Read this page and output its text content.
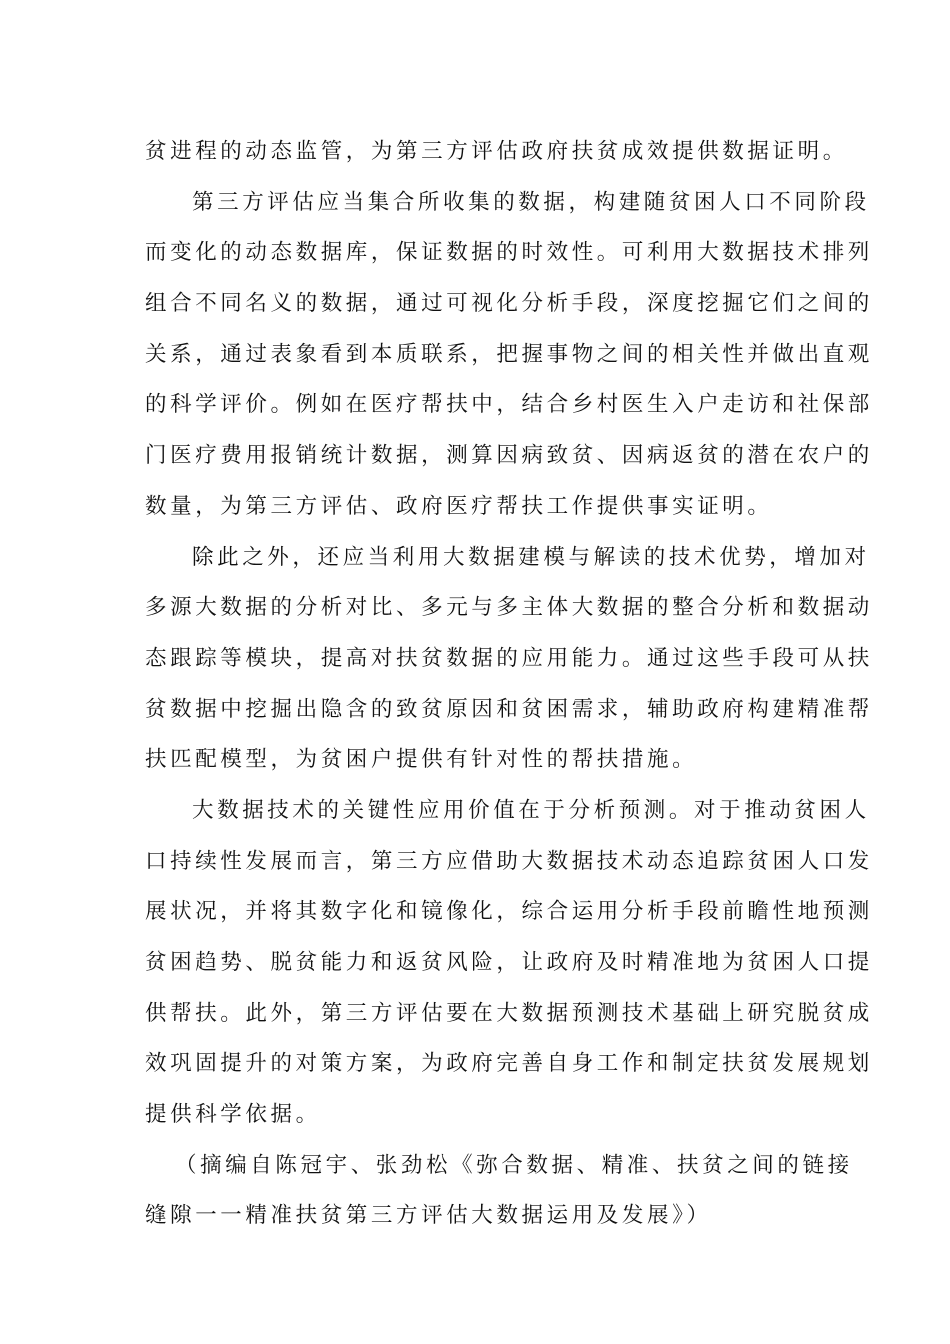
贫进程的动态监管，为第三方评估政府扶贫成效提供数据证明。
第三方评估应当集合所收集的数据，构建随贫困人口不同阶段
而变化的动态数据库，保证数据的时效性。可利用大数据技术排列
组合不同名义的数据，通过可视化分析手段，深度挖掘它们之间的
关系，通过表象看到本质联系，把握事物之间的相关性并做出直观
的科学评价。例如在医疗帮扶中，结合乡村医生入户走访和社保部
门医疗费用报销统计数据，测算因病致贫、因病返贫的潜在农户的
数量，为第三方评估、政府医疗帮扶工作提供事实证明。
除此之外，还应当利用大数据建模与解读的技术优势，增加对
多源大数据的分析对比、多元与多主体大数据的整合分析和数据动
态跟踪等模块，提高对扶贫数据的应用能力。通过这些手段可从扶
贫数据中挖掘出隐含的致贫原因和贫困需求，辅助政府构建精准帮
扶匹配模型，为贫困户提供有针对性的帮扶措施。
大数据技术的关键性应用价值在于分析预测。对于推动贫困人
口持续性发展而言，第三方应借助大数据技术动态追踪贫困人口发
展状况，并将其数字化和镜像化，综合运用分析手段前瞻性地预测
贫困趋势、脱贫能力和返贫风险，让政府及时精准地为贫困人口提
供帮扶。此外，第三方评估要在大数据预测技术基础上研究脱贫成
效巩固提升的对策方案，为政府完善自身工作和制定扶贫发展规划
提供科学依据。
（摘编自陈冠宇、张劲松《弥合数据、精准、扶贫之间的链接
缝隙一一精准扶贫第三方评估大数据运用及发展》）
